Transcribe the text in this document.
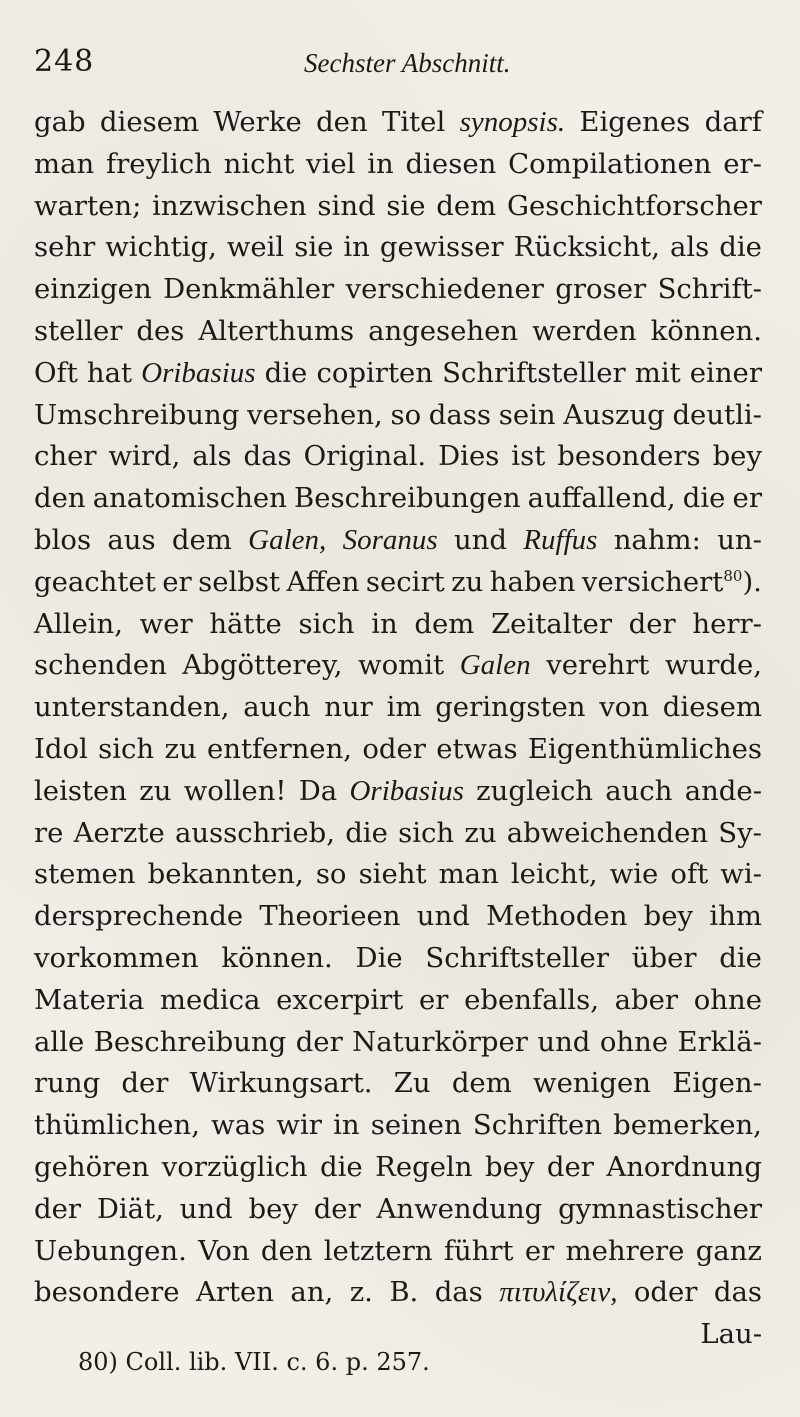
248	Sechster Abschnitt.
gab diesem Werke den Titel synopsis. Eigenes darf
man freylich nicht viel in diesen Compilationen er-
warten; inzwischen sind sie dem Geschichtforscher
sehr wichtig, weil sie in gewisser Rücksicht, als die
einzigen Denkmähler verschiedener groser Schrift-
steller des Alterthums angesehen werden können.
Oft hat Oribasius die copirten Schriftsteller mit einer
Umschreibung versehen, so dass sein Auszug deutli-
cher wird, als das Original. Dies ist besonders bey
den anatomischen Beschreibungen auffallend, die er
blos aus dem Galen, Soranus und Ruffus nahm: un-
geachtet er selbst Affen secirt zu haben versichert$^{80}$).
Allein, wer hätte sich in dem Zeitalter der herr-
schenden Abgötterey, womit Galen verehrt wurde,
unterstanden, auch nur im geringsten von diesem
Idol sich zu entfernen, oder etwas Eigenthümliches
leisten zu wollen! Da Oribasius zugleich auch ande-
re Aerzte ausschrieb, die sich zu abweichenden Sy-
stemen bekannten, so sieht man leicht, wie oft wi-
dersprechende Theorieen und Methoden bey ihm
vorkommen können. Die Schriftsteller über die
Materia medica excerpirt er ebenfalls, aber ohne
alle Beschreibung der Naturkörper und ohne Erklä-
rung der Wirkungsart. Zu dem wenigen Eigen-
thümlichen, was wir in seinen Schriften bemerken,
gehören vorzüglich die Regeln bey der Anordnung
der Diät, und bey der Anwendung gymnastischer
Uebungen. Von den letztern führt er mehrere ganz
besondere Arten an, z. B. das πιτυλίζειν, oder das
Lau-
80) Coll. lib. VII. c. 6. p. 257.
